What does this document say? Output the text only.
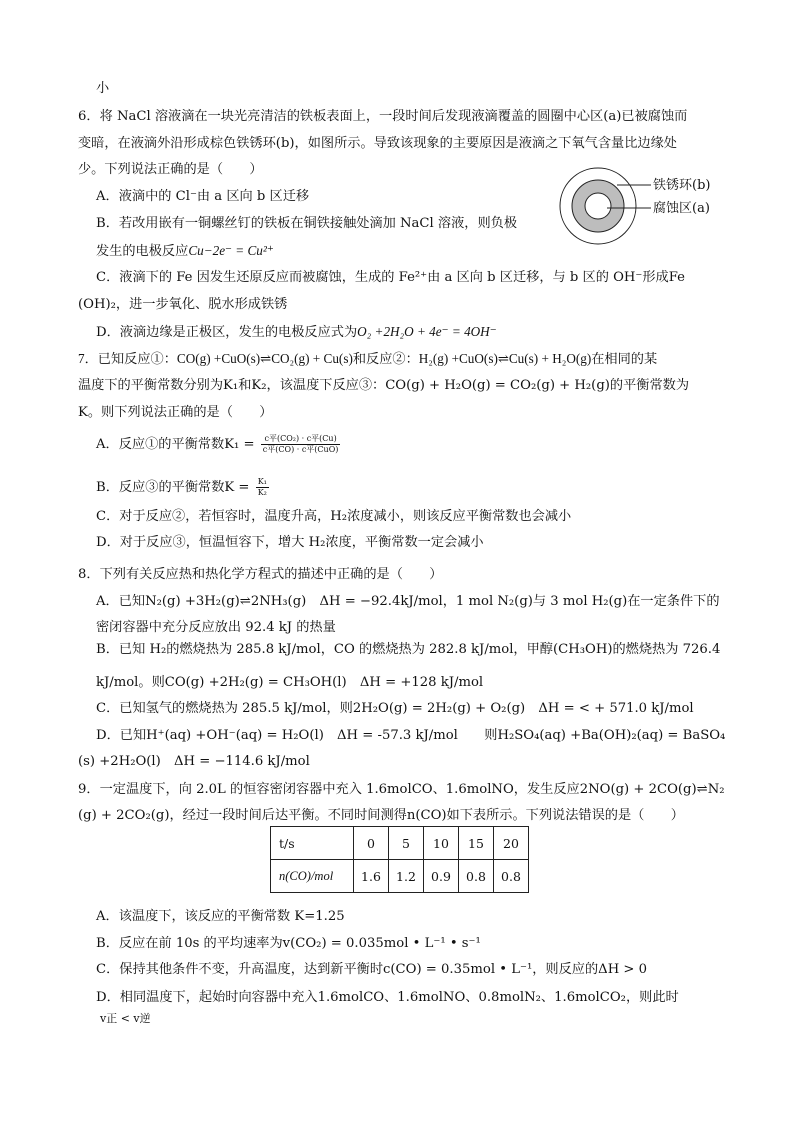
小
6．将 NaCl 溶液滴在一块光亮清洁的铁板表面上，一段时间后发现液滴覆盖的圆圈中心区(a)已被腐蚀而
变暗，在液滴外沿形成棕色铁锈环(b)，如图所示。导致该现象的主要原因是液滴之下氧气含量比边缘处
少。下列说法正确的是（　　）
A．液滴中的 Cl⁻由 a 区向 b 区迁移
B．若改用嵌有一铜螺丝钉的铁板在铜铁接触处滴加 NaCl 溶液，则负极
发生的电极反应Cu−2e⁻ = Cu²⁺
C．液滴下的 Fe 因发生还原反应而被腐蚀，生成的 Fe²⁺由 a 区向 b 区迁移，与 b 区的 OH⁻形成Fe
(OH)₂，进一步氧化、脱水形成铁锈
D．液滴边缘是正极区，发生的电极反应式为O₂ +2H₂O + 4e⁻ = 4OH⁻
铁锈环(b)
腐蚀区(a)
7．已知反应①：CO(g) +CuO(s)⇌CO₂(g) + Cu(s)和反应②：H₂(g) +CuO(s)⇌Cu(s) + H₂O(g)在相同的某
温度下的平衡常数分别为K₁和K₂，该温度下反应③：CO(g) + H₂O(g) = CO₂(g) + H₂(g)的平衡常数为
K。则下列说法正确的是（　　）
A．反应①的平衡常数$K_1 = \frac{\text{c平(CO₂) · c平(Cu)}}{\text{c平(CO) · c平(CuO)}}$
B．反应③的平衡常数$K = \frac{\text{K₁}}{\text{K₂}}$
C．对于反应②，若恒容时，温度升高，H₂浓度减小，则该反应平衡常数也会减小
D．对于反应③，恒温恒容下，增大 H₂浓度，平衡常数一定会减小
8．下列有关反应热和热化学方程式的描述中正确的是（　　）
A．已知N₂(g) +3H₂(g)⇌2NH₃(g)　ΔH = −92.4kJ/mol，1 mol N₂(g)与 3 mol H₂(g)在一定条件下的
密闭容器中充分反应放出 92.4 kJ 的热量
B．已知 H₂的燃烧热为 285.8 kJ/mol，CO 的燃烧热为 282.8 kJ/mol，甲醇(CH₃OH)的燃烧热为 726.4
kJ/mol。则CO(g) +2H₂(g) = CH₃OH(l)　ΔH = +128 kJ/mol
C．已知氢气的燃烧热为 285.5 kJ/mol，则2H₂O(g) = 2H₂(g) + O₂(g)　ΔH = < + 571.0 kJ/mol
D．已知H⁺(aq) +OH⁻(aq) = H₂O(l)　ΔH = -57.3 kJ/mol　　则H₂SO₄(aq) +Ba(OH)₂(aq) = BaSO₄
(s) +2H₂O(l)　ΔH = −114.6 kJ/mol
9．一定温度下，向 2.0L 的恒容密闭容器中充入 1.6molCO、1.6molNO，发生反应2NO(g) + 2CO(g)⇌N₂
(g) + 2CO₂(g)，经过一段时间后达平衡。不同时间测得n(CO)如下表所示。下列说法错误的是（　　）
t/s	0	5	10	15	20
n(CO)/mol	1.6	1.2	0.9	0.8	0.8
A．该温度下，该反应的平衡常数 K=1.25
B．反应在前 10s 的平均速率为v(CO₂) = 0.035mol • L⁻¹ • s⁻¹
C．保持其他条件不变，升高温度，达到新平衡时c(CO) = 0.35mol • L⁻¹，则反应的ΔH > 0
D．相同温度下，起始时向容器中充入1.6molCO、1.6molNO、0.8molN₂、1.6molCO₂，则此时
v正 < v逆
